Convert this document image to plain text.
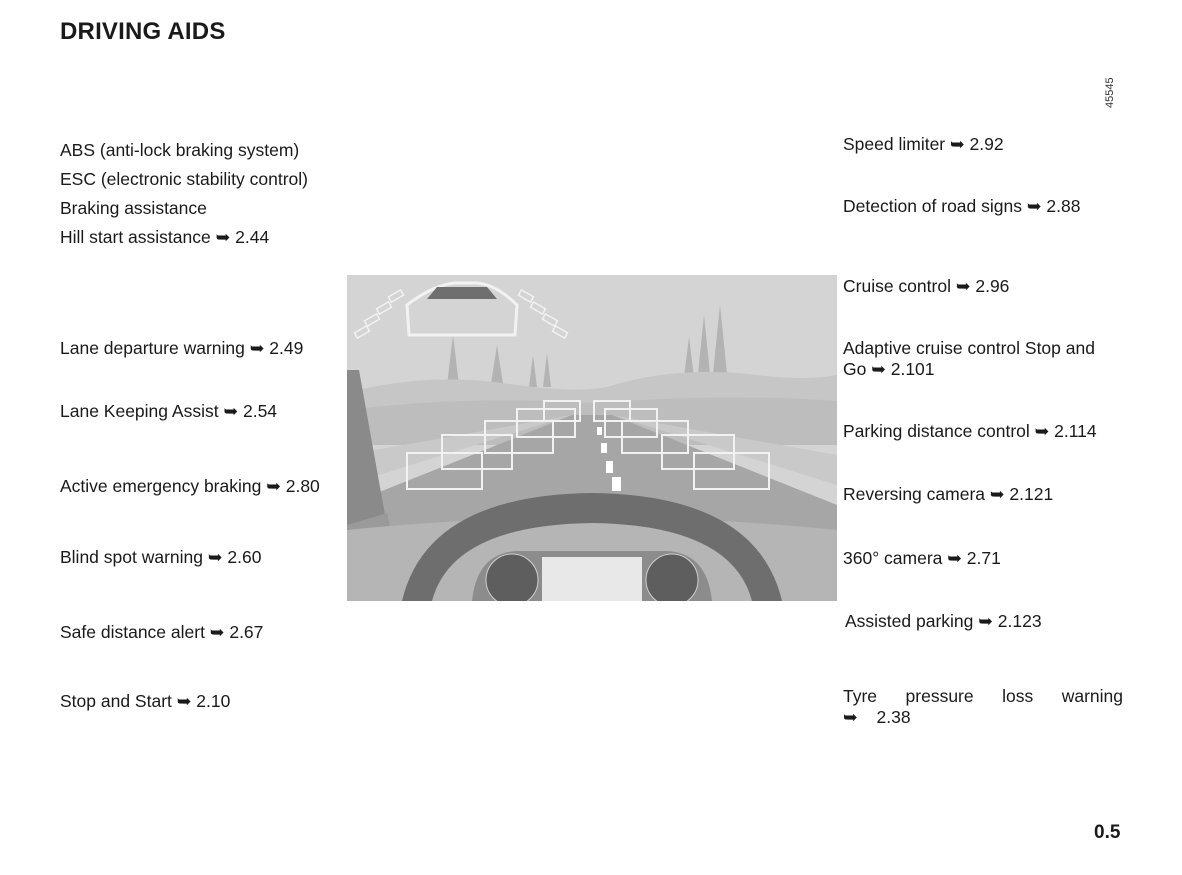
DRIVING AIDS
45545
ABS (anti-lock braking system)
ESC (electronic stability control)
Braking assistance
Hill start assistance ➥ 2.44
Lane departure warning ➥ 2.49
Lane Keeping Assist ➥ 2.54
Active emergency braking ➥ 2.80
Blind spot warning ➥ 2.60
Safe distance alert ➥ 2.67
Stop and Start ➥ 2.10
Speed limiter ➥ 2.92
Detection of road signs ➥ 2.88
Cruise control ➥ 2.96
Adaptive cruise control Stop and Go ➥ 2.101
Parking distance control ➥ 2.114
Reversing camera ➥ 2.121
360° camera ➥ 2.71
Assisted parking ➥ 2.123
Tyre pressure loss warning ➥ 2.38
0.5
